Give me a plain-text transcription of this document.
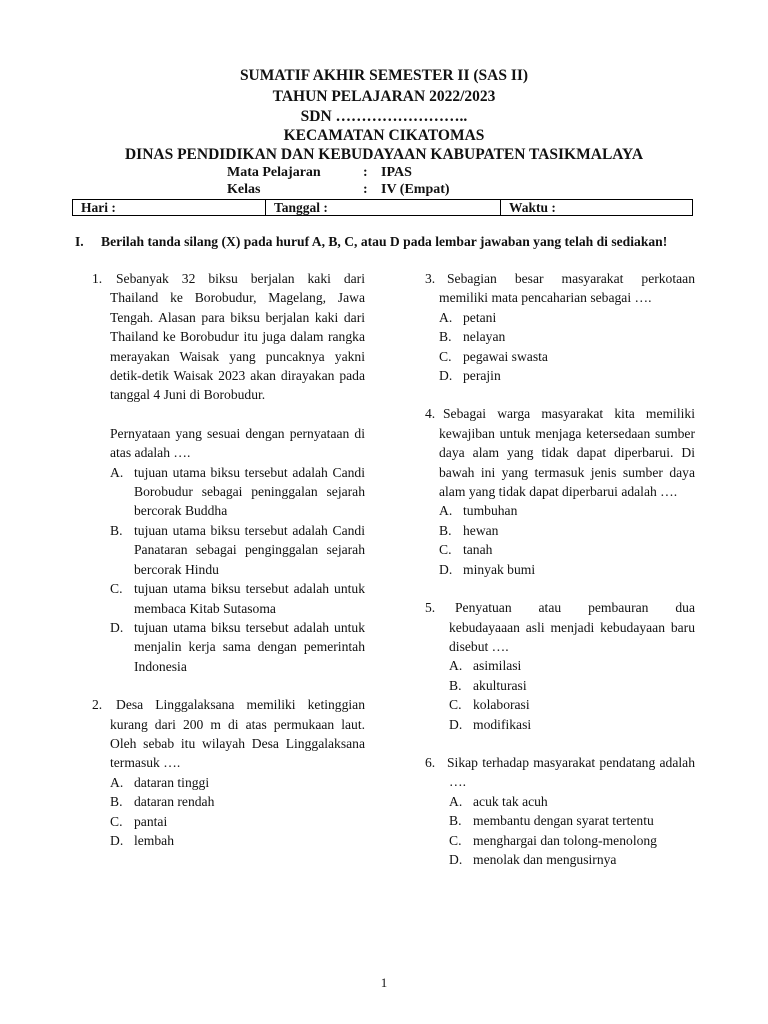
SUMATIF AKHIR SEMESTER II (SAS II)
TAHUN PELAJARAN 2022/2023
SDN ……………………..
KECAMATAN CIKATOMAS
DINAS PENDIDIKAN DAN KEBUDAYAAN KABUPATEN TASIKMALAYA
Mata Pelajaran	: IPAS
Kelas	: IV (Empat)
Hari :	Tanggal :	Waktu :
I. Berilah tanda silang (X) pada huruf A, B, C, atau D pada lembar jawaban yang telah di sediakan!
1. Sebanyak 32 biksu berjalan kaki dari Thailand ke Borobudur, Magelang, Jawa Tengah. Alasan para biksu berjalan kaki dari Thailand ke Borobudur itu juga dalam rangka merayakan Waisak yang puncaknya yakni detik-detik Waisak 2023 akan dirayakan pada tanggal 4 Juni di Borobudur.
Pernyataan yang sesuai dengan pernyataan di atas adalah ….
A. tujuan utama biksu tersebut adalah Candi Borobudur sebagai peninggalan sejarah bercorak Buddha
B. tujuan utama biksu tersebut adalah Candi Panataran sebagai penginggalan sejarah bercorak Hindu
C. tujuan utama biksu tersebut adalah untuk membaca Kitab Sutasoma
D. tujuan utama biksu tersebut adalah untuk menjalin kerja sama dengan pemerintah Indonesia
2. Desa Linggalaksana memiliki ketinggian kurang dari 200 m di atas permukaan laut. Oleh sebab itu wilayah Desa Linggalaksana termasuk ….
A. dataran tinggi
B. dataran rendah
C. pantai
D. lembah
3. Sebagian besar masyarakat perkotaan memiliki mata pencaharian sebagai ….
A. petani
B. nelayan
C. pegawai swasta
D. perajin
4. Sebagai warga masyarakat kita memiliki kewajiban untuk menjaga ketersedaan sumber daya alam yang tidak dapat diperbarui. Di bawah ini yang termasuk jenis sumber daya alam yang tidak dapat diperbarui adalah ….
A. tumbuhan
B. hewan
C. tanah
D. minyak bumi
5. Penyatuan atau pembauran dua kebudayaaan asli menjadi kebudayaan baru disebut ….
A. asimilasi
B. akulturasi
C. kolaborasi
D. modifikasi
6. Sikap terhadap masyarakat pendatang adalah ….
A. acuk tak acuh
B. membantu dengan syarat tertentu
C. menghargai dan tolong-menolong
D. menolak dan mengusirnya
1
